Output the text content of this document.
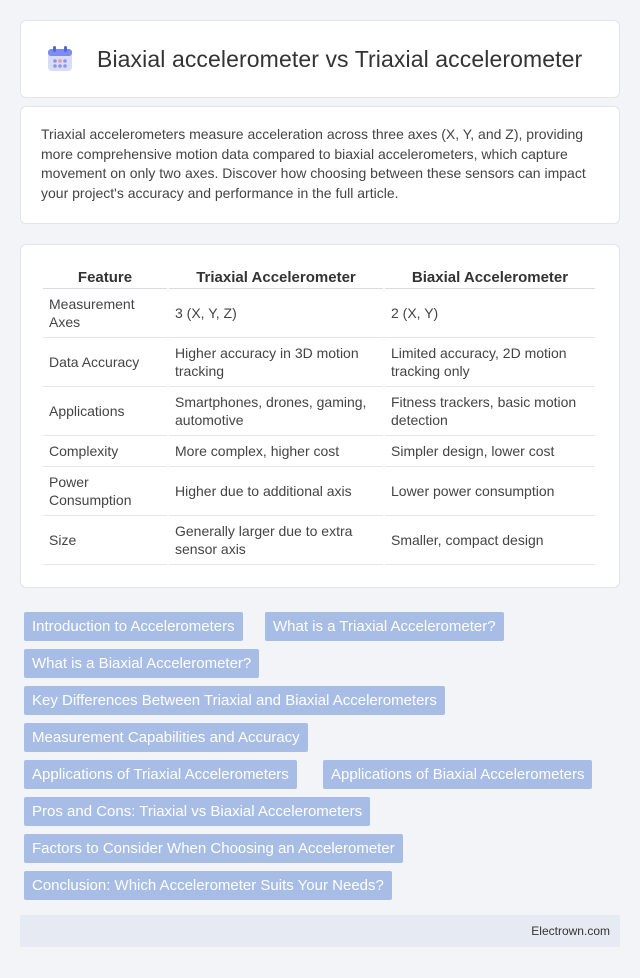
Biaxial accelerometer vs Triaxial accelerometer

Triaxial accelerometers measure acceleration across three axes (X, Y, and Z), providing more comprehensive motion data compared to biaxial accelerometers, which capture movement on only two axes. Discover how choosing between these sensors can impact your project's accuracy and performance in the full article.

Feature	Triaxial Accelerometer	Biaxial Accelerometer
Measurement Axes	3 (X, Y, Z)	2 (X, Y)
Data Accuracy	Higher accuracy in 3D motion tracking	Limited accuracy, 2D motion tracking only
Applications	Smartphones, drones, gaming, automotive	Fitness trackers, basic motion detection
Complexity	More complex, higher cost	Simpler design, lower cost
Power Consumption	Higher due to additional axis	Lower power consumption
Size	Generally larger due to extra sensor axis	Smaller, compact design
Introduction to Accelerometers	What is a Triaxial Accelerometer?
What is a Biaxial Accelerometer?
Key Differences Between Triaxial and Biaxial Accelerometers
Measurement Capabilities and Accuracy
Applications of Triaxial Accelerometers	Applications of Biaxial Accelerometers
Pros and Cons: Triaxial vs Biaxial Accelerometers
Factors to Consider When Choosing an Accelerometer
Conclusion: Which Accelerometer Suits Your Needs?
Electrown.com
